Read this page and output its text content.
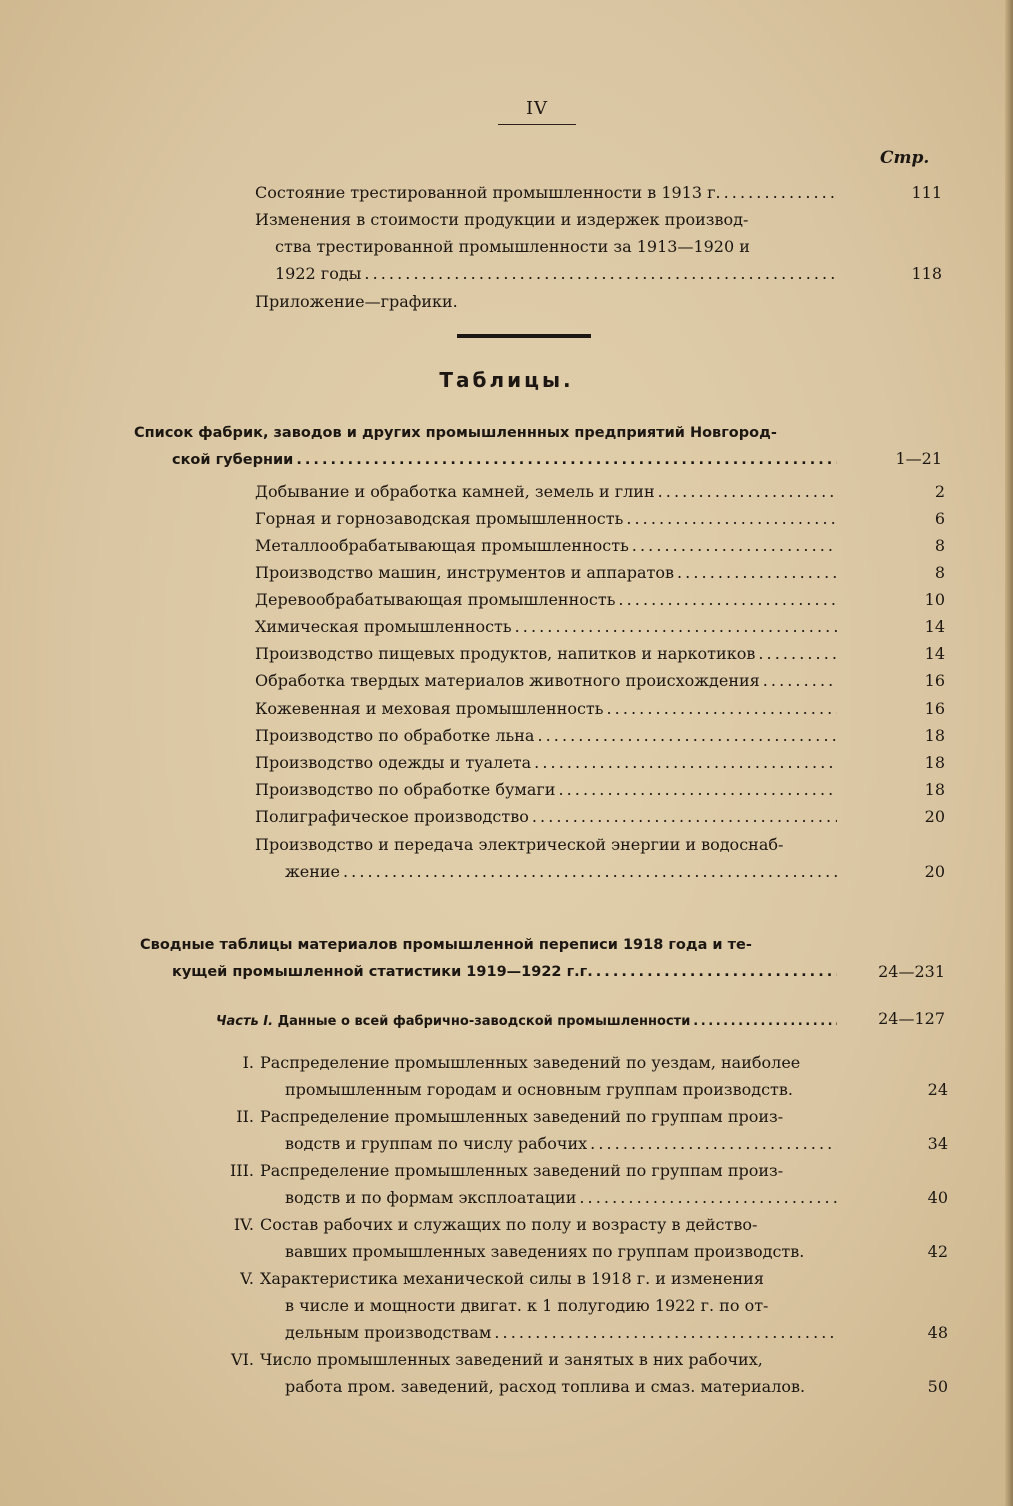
IV
Стр.
Состояние трестированной промышленности в 1913 г. . . .	111
Изменения в стоимости продукции и издержек производ-
ства трестированной промышленности за 1913—1920 и
1922 годы . . .	118
Приложение—графики.
Таблицы.
Список фабрик, заводов и других промышленнных предприятий Новгород-
ской губернии . . .	1—21
Добывание и обработка камней, земель и глин . . .	2
Горная и горнозаводская промышленность . . .	6
Металлообрабатывающая промышленность . . .	8
Производство машин, инструментов и аппаратов . . .	8
Деревообрабатывающая промышленность . . .	10
Химическая промышленность . . .	14
Производство пищевых продуктов, напитков и наркотиков . . .	14
Обработка твердых материалов животного происхождения . . .	16
Кожевенная и меховая промышленность . . .	16
Производство по обработке льна . . .	18
Производство одежды и туалета . . .	18
Производство по обработке бумаги . . .	18
Полиграфическое производство . . .	20
Производство и передача электрической энергии и водоснаб-
жение . . .	20
Сводные таблицы материалов промышленной переписи 1918 года и те-
кущей промышленной статистики 1919—1922 г.г. . . .	24—231
Часть I. Данные о всей фабрично-заводской промышленности . . .	24—127
I. Распределение промышленных заведений по уездам, наиболее
промышленным городам и основным группам производств.	24
II. Распределение промышленных заведений по группам произ-
водств и группам по числу рабочих . . .	34
III. Распределение промышленных заведений по группам произ-
водств и по формам эксплоатации . . .	40
IV. Состав рабочих и служащих по полу и возрасту в действо-
вавших промышленных заведениях по группам производств.	42
V. Характеристика механической силы в 1918 г. и изменения
в числе и мощности двигат. к 1 полугодию 1922 г. по от-
дельным производствам . . .	48
VI. Число промышленных заведений и занятых в них рабочих,
работа пром. заведений, расход топлива и смаз. материалов.	50
